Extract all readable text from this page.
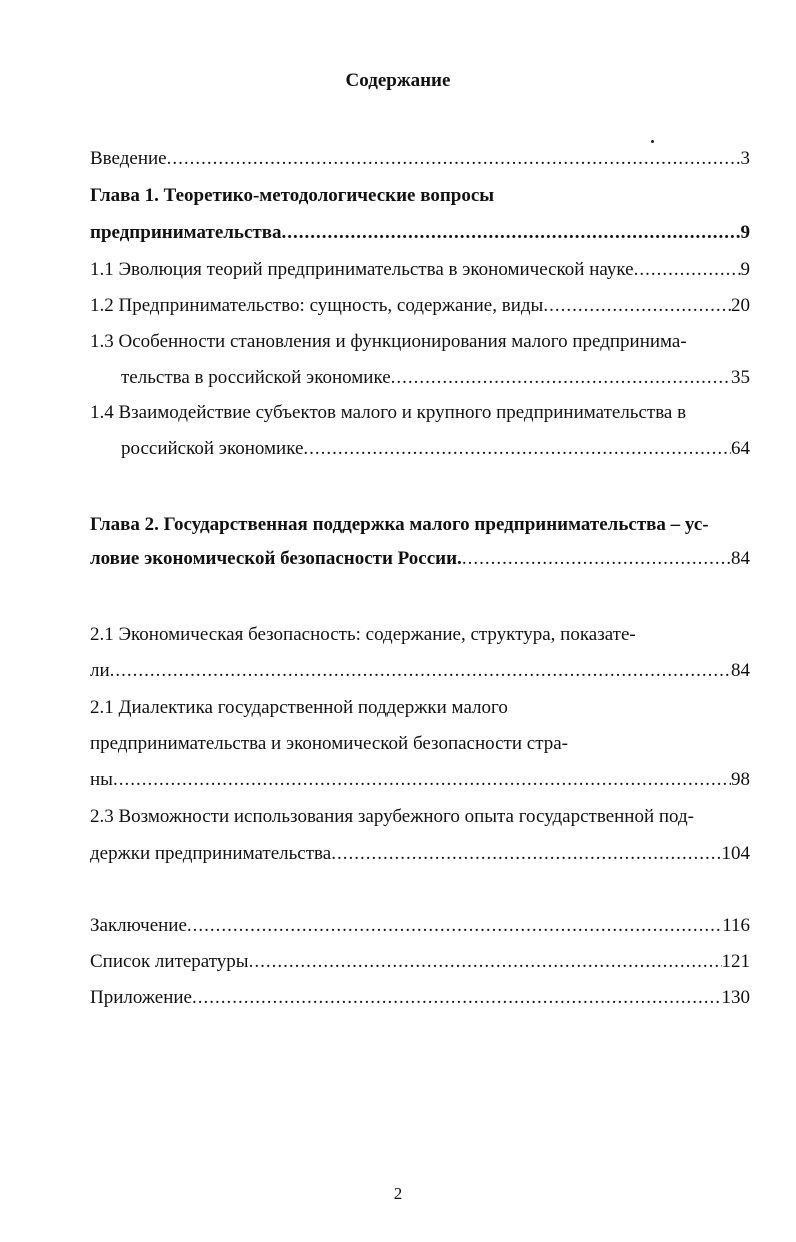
Содержание
Введение .....	3
Глава 1. Теоретико-методологические вопросы
предпринимательства .....	9
1.1 Эволюция теорий предпринимательства в экономической науке .....	9
1.2 Предпринимательство: сущность, содержание, виды .....	20
1.3 Особенности становления и функционирования малого предпринима-
тельства в российской экономике .....	35
1.4 Взаимодействие субъектов малого и крупного предпринимательства в
российской экономике .....	64
Глава 2. Государственная поддержка малого предпринимательства – ус-
ловие экономической безопасности России. .....	84
2.1 Экономическая безопасность: содержание, структура, показате-
ли .....	84
2.1 Диалектика государственной поддержки малого
предпринимательства и экономической безопасности стра-
ны .....	98
2.3 Возможности использования зарубежного опыта государственной под-
держки предпринимательства .....	104
Заключение .....	116
Список литературы .....	121
Приложение .....	130
2
